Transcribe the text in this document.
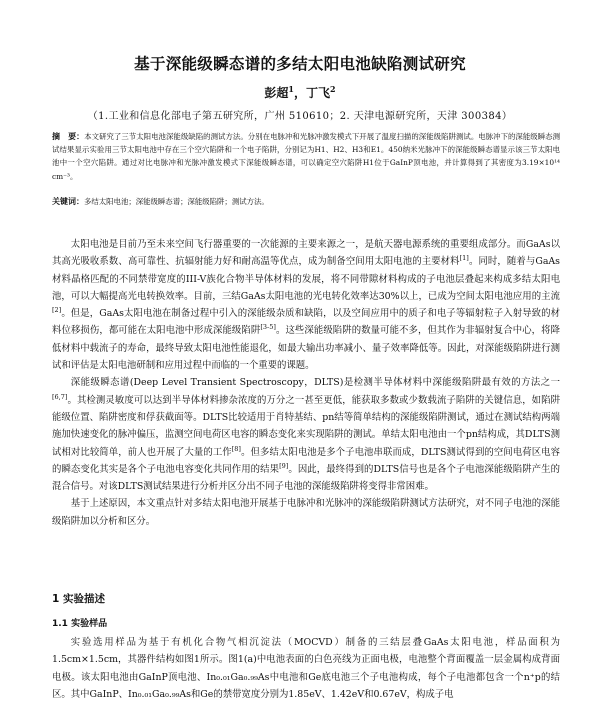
基于深能级瞬态谱的多结太阳电池缺陷测试研究
彭超$^1$，丁飞$^2$
（1.工业和信息化部电子第五研究所，广州 510610；2. 天津电源研究所，天津 300384）
摘　要：本文研究了三节太阳电池深能级缺陷的测试方法。分别在电脉冲和光脉冲激发模式下开展了温度扫描的深能级陷阱测试。电脉冲下的深能级瞬态测试结果显示实验用三节太阳电池中存在三个空穴陷阱和一个电子陷阱，分别记为H1、H2、H3和E1。450纳米光脉冲下的深能级瞬态谱显示该三节太阳电池中一个空穴陷阱。通过对比电脉冲和光脉冲激发模式下深能级瞬态谱，可以确定空穴陷阱H1位于GaInP顶电池，并计算得到了其密度为3.19×10¹⁴ cm⁻³。
关键词：多结太阳电池；深能级瞬态谱；深能级陷阱；测试方法。

太阳电池是目前乃至未来空间飞行器重要的一次能源的主要来源之一，是航天器电源系统的重要组成部分。而GaAs以其高光吸收系数、高可靠性、抗辐射能力好和耐高温等优点，成为制备空间用太阳电池的主要材料[1]。同时，随着与GaAs材料晶格匹配的不同禁带宽度的III-V族化合物半导体材料的发展，将不同带隙材料构成的子电池层叠起来构成多结太阳电池，可以大幅提高光电转换效率。目前，三结GaAs太阳电池的光电转化效率达30%以上，已成为空间太阳电池应用的主流[2]。但是，GaAs太阳电池在制备过程中引入的深能级杂质和缺陷，以及空间应用中的质子和电子等辐射粒子入射导致的材料位移损伤，都可能在太阳电池中形成深能级陷阱[3-5]。这些深能级陷阱的数量可能不多，但其作为非辐射复合中心，将降低材料中载流子的寿命，最终导致太阳电池性能退化，如最大输出功率减小、量子效率降低等。因此，对深能级陷阱进行测试和评估是太阳电池研制和应用过程中而临的一个重要的课题。

深能级瞬态谱(Deep Level Transient Spectroscopy，DLTS)是检测半导体材料中深能级陷阱最有效的方法之一[6,7]。其检测灵敏度可以达到半导体材料掺杂浓度的万分之一甚至更低，能获取多数或少数载流子陷阱的关键信息，如陷阱能级位置、陷阱密度和俘获截面等。DLTS比较适用于肖特基结、pn结等简单结构的深能级陷阱测试，通过在测试结构两端施加快速变化的脉冲偏压，监测空间电荷区电容的瞬态变化来实现陷阱的测试。单结太阳电池由一个pn结构成，其DLTS测试相对比较简单，前人也开展了大量的工作[8]。但多结太阳电池是多个子电池串联而成，DLTS测试得到的空间电荷区电容的瞬态变化其实是各个子电池电容变化共同作用的结果[9]。因此，最终得到的DLTS信号也是各个子电池深能级陷阱产生的混合信号。对该DLTS测试结果进行分析并区分出不同子电池的深能级陷阱将变得非常困难。

基于上述原因，本文重点针对多结太阳电池开展基于电脉冲和光脉冲的深能级陷阱测试方法研究，对不同子电池的深能级陷阱加以分析和区分。

1 实验描述
1.1 实验样品

实验选用样品为基于有机化合物气相沉淀法（MOCVD）制备的三结层叠GaAs太阳电池，样品面积为1.5cm×1.5cm，其器件结构如图1所示。图1(a)中电池表面的白色亮线为正面电极，电池整个背面覆盖一层金属构成背面电极。该太阳电池由GaInP顶电池、In₀.₀₁Ga₀.₉₉As中电池和Ge底电池三个子电池构成，每个子电池都包含一个n⁺p的结区。其中GaInP、In₀.₀₁Ga₀.₉₉As和Ge的禁带宽度分别为1.85eV、1.42eV和0.67eV，构成子电
